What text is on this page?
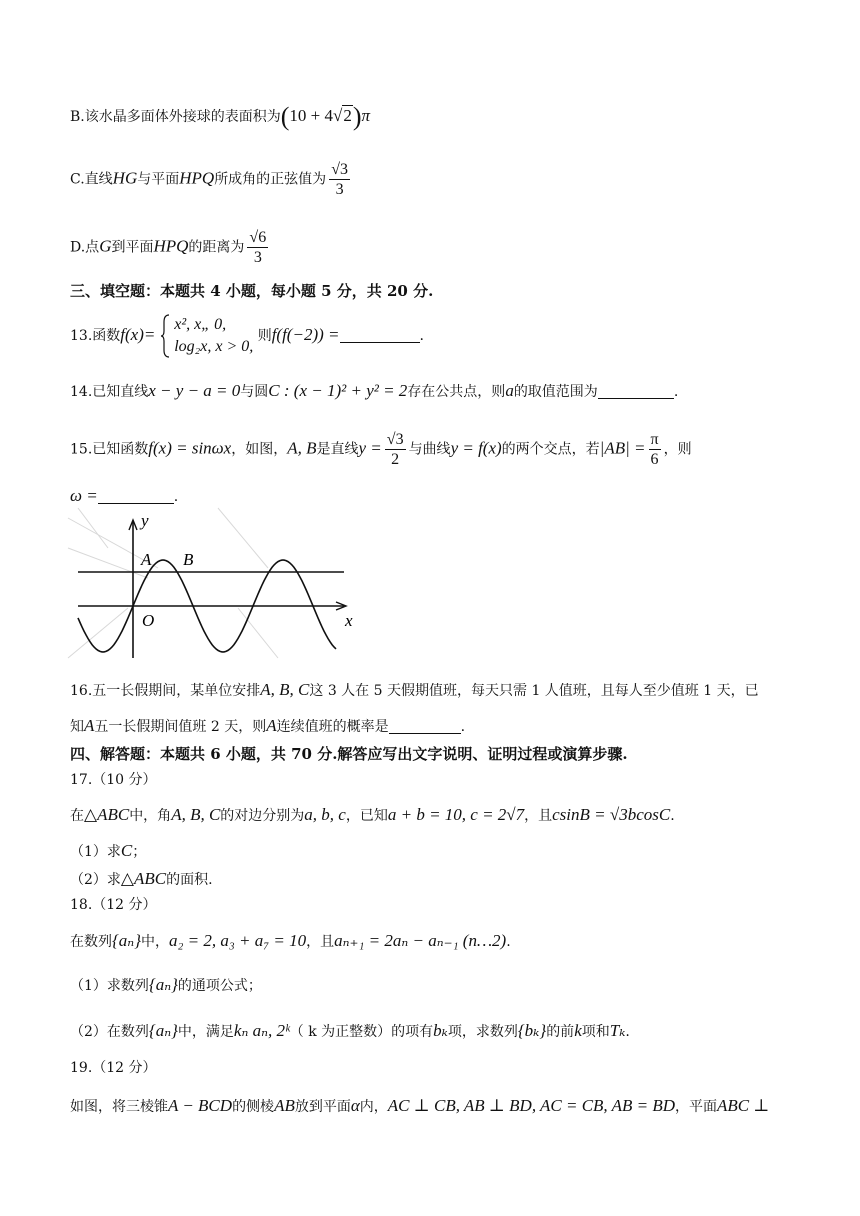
B.该水晶多面体外接球的表面积为(10 + 4√2)π
C.直线HG与平面HPQ所成角的正弦值为 $\frac{√3}{3}$
D.点G到平面HPQ的距离为 $\frac{√6}{3}$
三、填空题：本题共 4 小题，每小题 5 分，共 20 分.
13.函数f(x)=
x², x„ 0,
log₂x, x > 0,
则f(f(−2)) =	.
14.已知直线x − y − a = 0与圆C : (x − 1)² + y² = 2存在公共点，则a的取值范围为	.
15.已知函数f(x) = sinωx，如图，A, B是直线$y = \frac{√3}{2}$ 与曲线y = f(x)的两个交点，若$|AB| = \frac{\pi}{6}$ ，则
ω =	.
y
A B
O	x
16.五一长假期间，某单位安排A, B, C这 3 人在 5 天假期值班，每天只需 1 人值班，且每人至少值班 1 天，已
知A五一长假期间值班 2 天，则A连续值班的概率是	.
四、解答题：本题共 6 小题，共 70 分.解答应写出文字说明、证明过程或演算步骤.
17.（10 分）
在△ABC中，角A, B, C的对边分别为a, b, c，已知a + b = 10, c = 2√7，且csinB = √3bcosC.
（1）求C；
（2）求△ABC的面积.
18.（12 分）
在数列{aₙ}中，a₂ = 2, a₃ + a₇ = 10，且aₙ₊₁ = 2aₙ − aₙ₋₁ (n…2).
（1）求数列{aₙ}的通项公式；
（2）在数列{aₙ}中，满足kₙ aₙ, 2ᵏ（ k 为正整数）的项有bₖ项，求数列{bₖ}的前k项和Tₖ.
19.（12 分）
如图，将三棱锥A − BCD的侧棱AB放到平面α内，AC ⊥ CB, AB ⊥ BD, AC = CB, AB = BD，平面ABC ⊥
